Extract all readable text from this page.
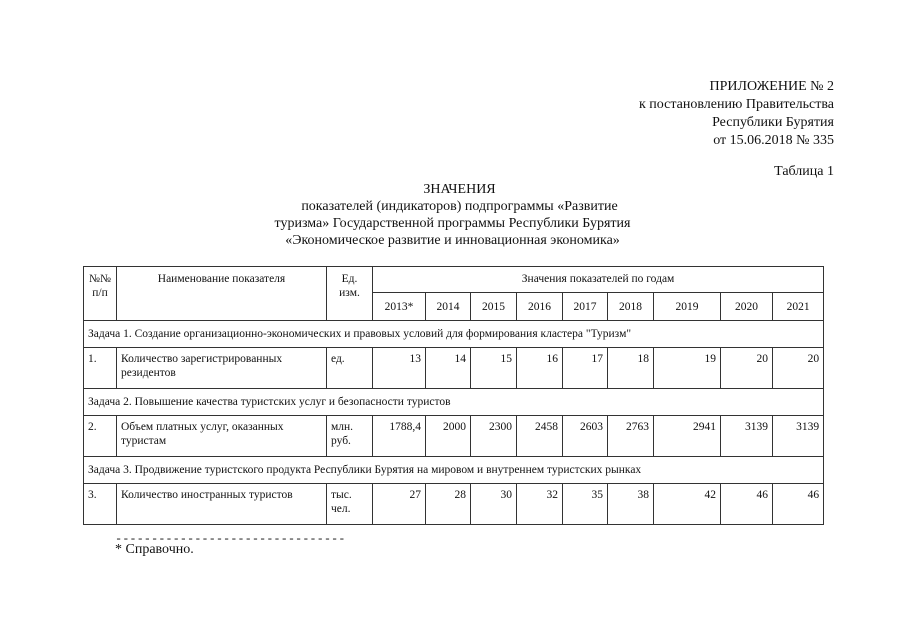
ПРИЛОЖЕНИЕ № 2
к постановлению Правительства
Республики Бурятия
от 15.06.2018 № 335
Таблица 1
ЗНАЧЕНИЯ
показателей (индикаторов) подпрограммы «Развитие
туризма» Государственной программы Республики Бурятия
«Экономическое развитие и инновационная экономика»
№№ п/п	Наименование показателя	Ед. изм.	Значения показателей по годам								
			2013*	2014	2015	2016	2017	2018	2019	2020	2021
Задача 1. Создание организационно-экономических и правовых условий для формирования кластера "Туризм"											
1.	Количество зарегистрированных резидентов	ед.	13	14	15	16	17	18	19	20	20
Задача 2. Повышение качества туристских услуг и безопасности туристов											
2.	Объем платных услуг, оказанных туристам	млн. руб.	1788,4	2000	2300	2458	2603	2763	2941	3139	3139
Задача 3. Продвижение туристского продукта Республики Бурятия на мировом и внутреннем туристских рынках											
3.	Количество иностранных туристов	тыс. чел.	27	28	30	32	35	38	42	46	46
--------------------------------
* Справочно.
